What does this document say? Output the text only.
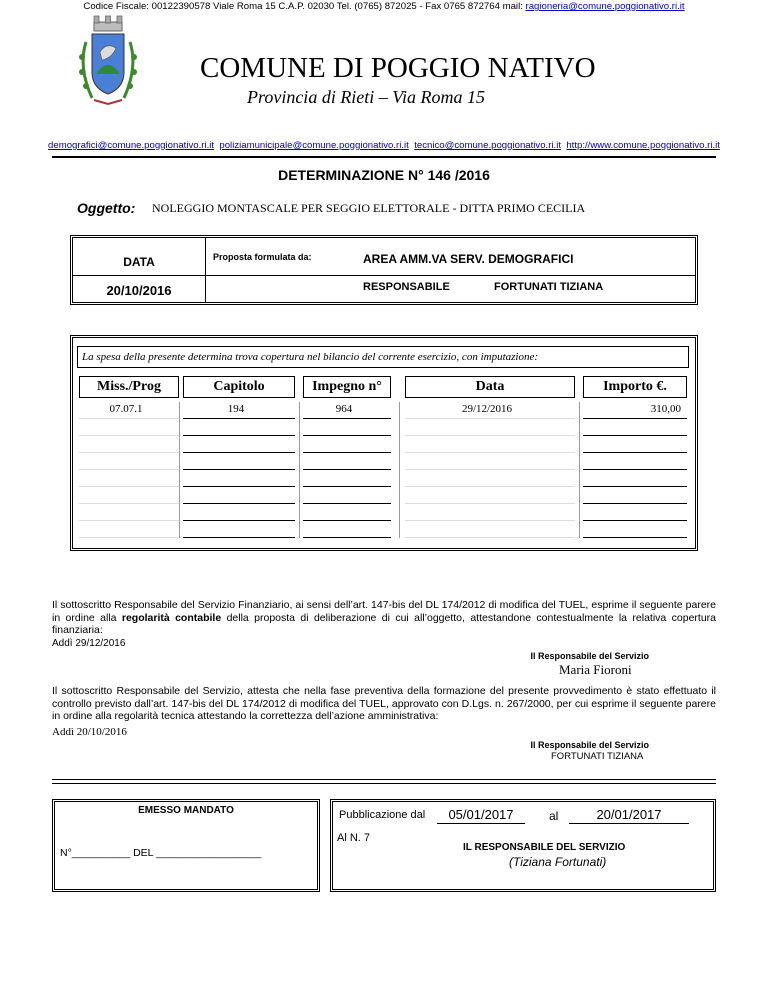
COMUNE DI POGGIO NATIVO
Provincia di Rieti – Via Roma 15
Codice Fiscale: 00122390578 Viale Roma 15 C.A.P. 02030 Tel. (0765) 872025 - Fax 0765 872764 mail: ragioneria@comune.poggionativo.ri.it
demografici@comune.poggionativo.ri.it poliziamunicipale@comune.poggionativo.ri.it tecnico@comune.poggionativo.ri.it http://www.comune.poggionativo.ri.it
DETERMINAZIONE N° 146 /2016
Oggetto: NOLEGGIO MONTASCALE PER SEGGIO ELETTORALE - DITTA PRIMO CECILIA
DATA
20/10/2016
Proposta formulata da:	AREA AMM.VA SERV. DEMOGRAFICI
RESPONSABILE	FORTUNATI TIZIANA
La spesa della presente determina trova copertura nel bilancio del corrente esercizio, con imputazione:
Miss./Prog	Capitolo	Impegno n°	Data	Importo €.
07.07.1	194	964	29/12/2016	310,00
Il sottoscritto Responsabile del Servizio Finanziario, ai sensi dell’art. 147-bis del DL 174/2012 di modifica del TUEL, esprime il seguente parere in ordine alla regolarità contabile della proposta di deliberazione di cui all’oggetto, attestandone contestualmente la relativa copertura finanziaria:
Addì 29/12/2016
Il Responsabile del Servizio
Maria Fioroni
Il sottoscritto Responsabile del Servizio, attesta che nella fase preventiva della formazione del presente provvedimento è stato effettuato il controllo previsto dall’art. 147-bis del DL 174/2012 di modifica del TUEL, approvato con D.Lgs. n. 267/2000, per cui esprime il seguente parere in ordine alla regolarità tecnica attestando la correttezza dell’azione amministrativa:
Addì 20/10/2016
Il Responsabile del Servizio
FORTUNATI TIZIANA
EMESSO MANDATO
N°__________ DEL __________________
Pubblicazione dal	05/01/2017	al	20/01/2017
Al N. 7
IL RESPONSABILE DEL SERVIZIO
(Tiziana Fortunati)
